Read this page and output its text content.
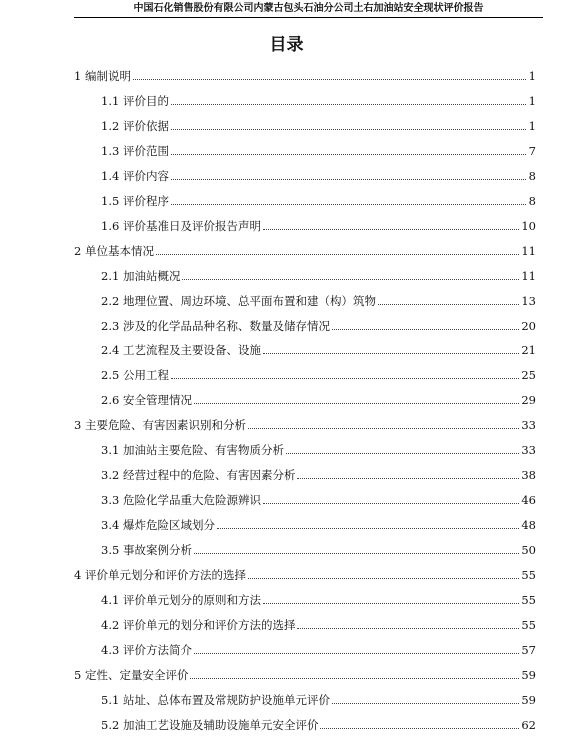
中国石化销售股份有限公司内蒙古包头石油分公司土右加油站安全现状评价报告
目录
1 编制说明	1
1.1 评价目的	1
1.2 评价依据	1
1.3 评价范围	7
1.4 评价内容	8
1.5 评价程序	8
1.6 评价基准日及评价报告声明	10
2 单位基本情况	11
2.1 加油站概况	11
2.2 地理位置、周边环境、总平面布置和建（构）筑物	13
2.3 涉及的化学品品种名称、数量及储存情况	20
2.4 工艺流程及主要设备、设施	21
2.5 公用工程	25
2.6 安全管理情况	29
3 主要危险、有害因素识别和分析	33
3.1 加油站主要危险、有害物质分析	33
3.2 经营过程中的危险、有害因素分析	38
3.3 危险化学品重大危险源辨识	46
3.4 爆炸危险区域划分	48
3.5 事故案例分析	50
4 评价单元划分和评价方法的选择	55
4.1 评价单元划分的原则和方法	55
4.2 评价单元的划分和评价方法的选择	55
4.3 评价方法简介	57
5 定性、定量安全评价	59
5.1 站址、总体布置及常规防护设施单元评价	59
5.2 加油工艺设施及辅助设施单元安全评价	62
